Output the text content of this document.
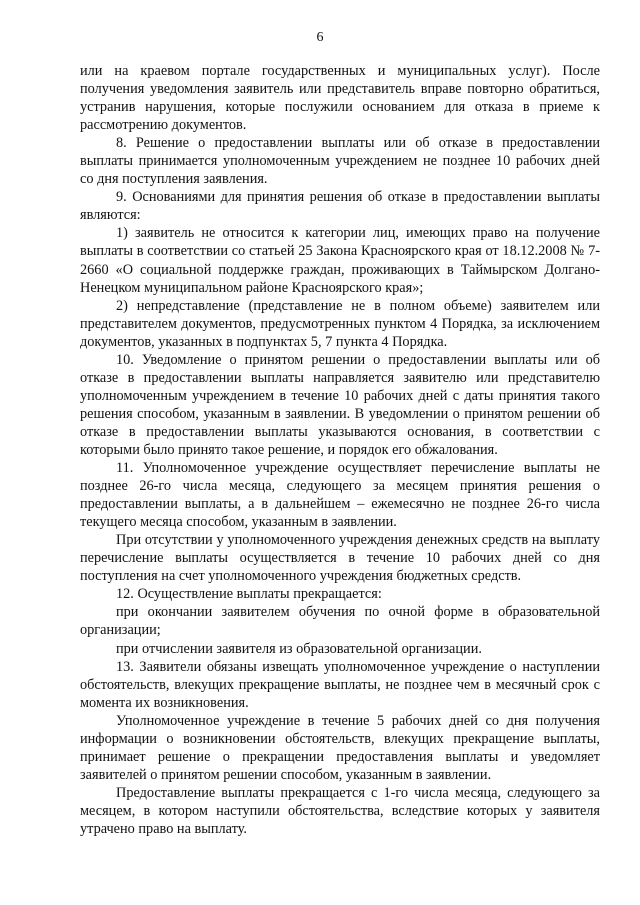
6

или на краевом портале государственных и муниципальных услуг). После получения уведомления заявитель или представитель вправе повторно обратиться, устранив нарушения, которые послужили основанием для отказа в приеме к рассмотрению документов.

8. Решение о предоставлении выплаты или об отказе в предоставлении выплаты принимается уполномоченным учреждением не позднее 10 рабочих дней со дня поступления заявления.

9. Основаниями для принятия решения об отказе в предоставлении выплаты являются:

1) заявитель не относится к категории лиц, имеющих право на получение выплаты в соответствии со статьей 25 Закона Красноярского края от 18.12.2008 № 7-2660 «О социальной поддержке граждан, проживающих в Таймырском Долгано-Ненецком муниципальном районе Красноярского края»;

2) непредставление (представление не в полном объеме) заявителем или представителем документов, предусмотренных пунктом 4 Порядка, за исключением документов, указанных в подпунктах 5, 7 пункта 4 Порядка.

10. Уведомление о принятом решении о предоставлении выплаты или об отказе в предоставлении выплаты направляется заявителю или представителю уполномоченным учреждением в течение 10 рабочих дней с даты принятия такого решения способом, указанным в заявлении. В уведомлении о принятом решении об отказе в предоставлении выплаты указываются основания, в соответствии с которыми было принято такое решение, и порядок его обжалования.

11. Уполномоченное учреждение осуществляет перечисление выплаты не позднее 26-го числа месяца, следующего за месяцем принятия решения о предоставлении выплаты, а в дальнейшем – ежемесячно не позднее 26-го числа текущего месяца способом, указанным в заявлении.

При отсутствии у уполномоченного учреждения денежных средств на выплату перечисление выплаты осуществляется в течение 10 рабочих дней со дня поступления на счет уполномоченного учреждения бюджетных средств.

12. Осуществление выплаты прекращается:

при окончании заявителем обучения по очной форме в образовательной организации;

при отчислении заявителя из образовательной организации.

13. Заявители обязаны извещать уполномоченное учреждение о наступлении обстоятельств, влекущих прекращение выплаты, не позднее чем в месячный срок с момента их возникновения.

Уполномоченное учреждение в течение 5 рабочих дней со дня получения информации о возникновении обстоятельств, влекущих прекращение выплаты, принимает решение о прекращении предоставления выплаты и уведомляет заявителей о принятом решении способом, указанным в заявлении.

Предоставление выплаты прекращается с 1-го числа месяца, следующего за месяцем, в котором наступили обстоятельства, вследствие которых у заявителя утрачено право на выплату.
